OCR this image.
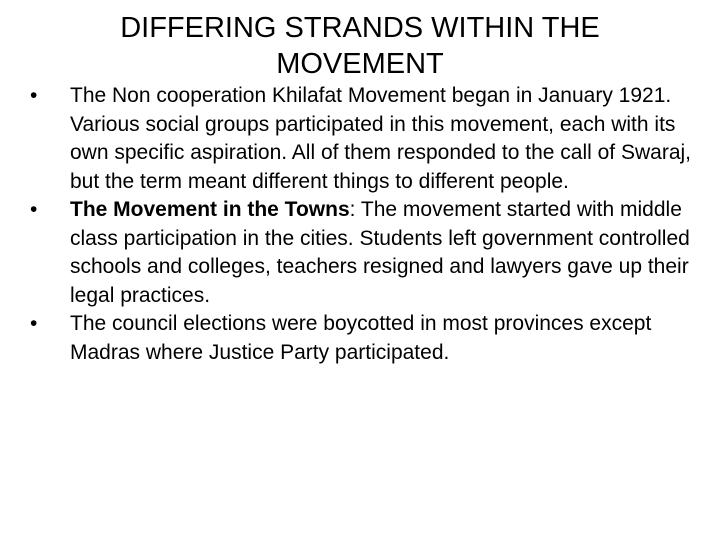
DIFFERING STRANDS WITHIN THE
MOVEMENT
• The Non cooperation Khilafat Movement began in January 1921. Various social groups participated in this movement, each with its own specific aspiration. All of them responded to the call of Swaraj, but the term meant different things to different people.
• The Movement in the Towns: The movement started with middle class participation in the cities. Students left government controlled schools and colleges, teachers resigned and lawyers gave up their legal practices.
• The council elections were boycotted in most provinces except Madras where Justice Party participated.
